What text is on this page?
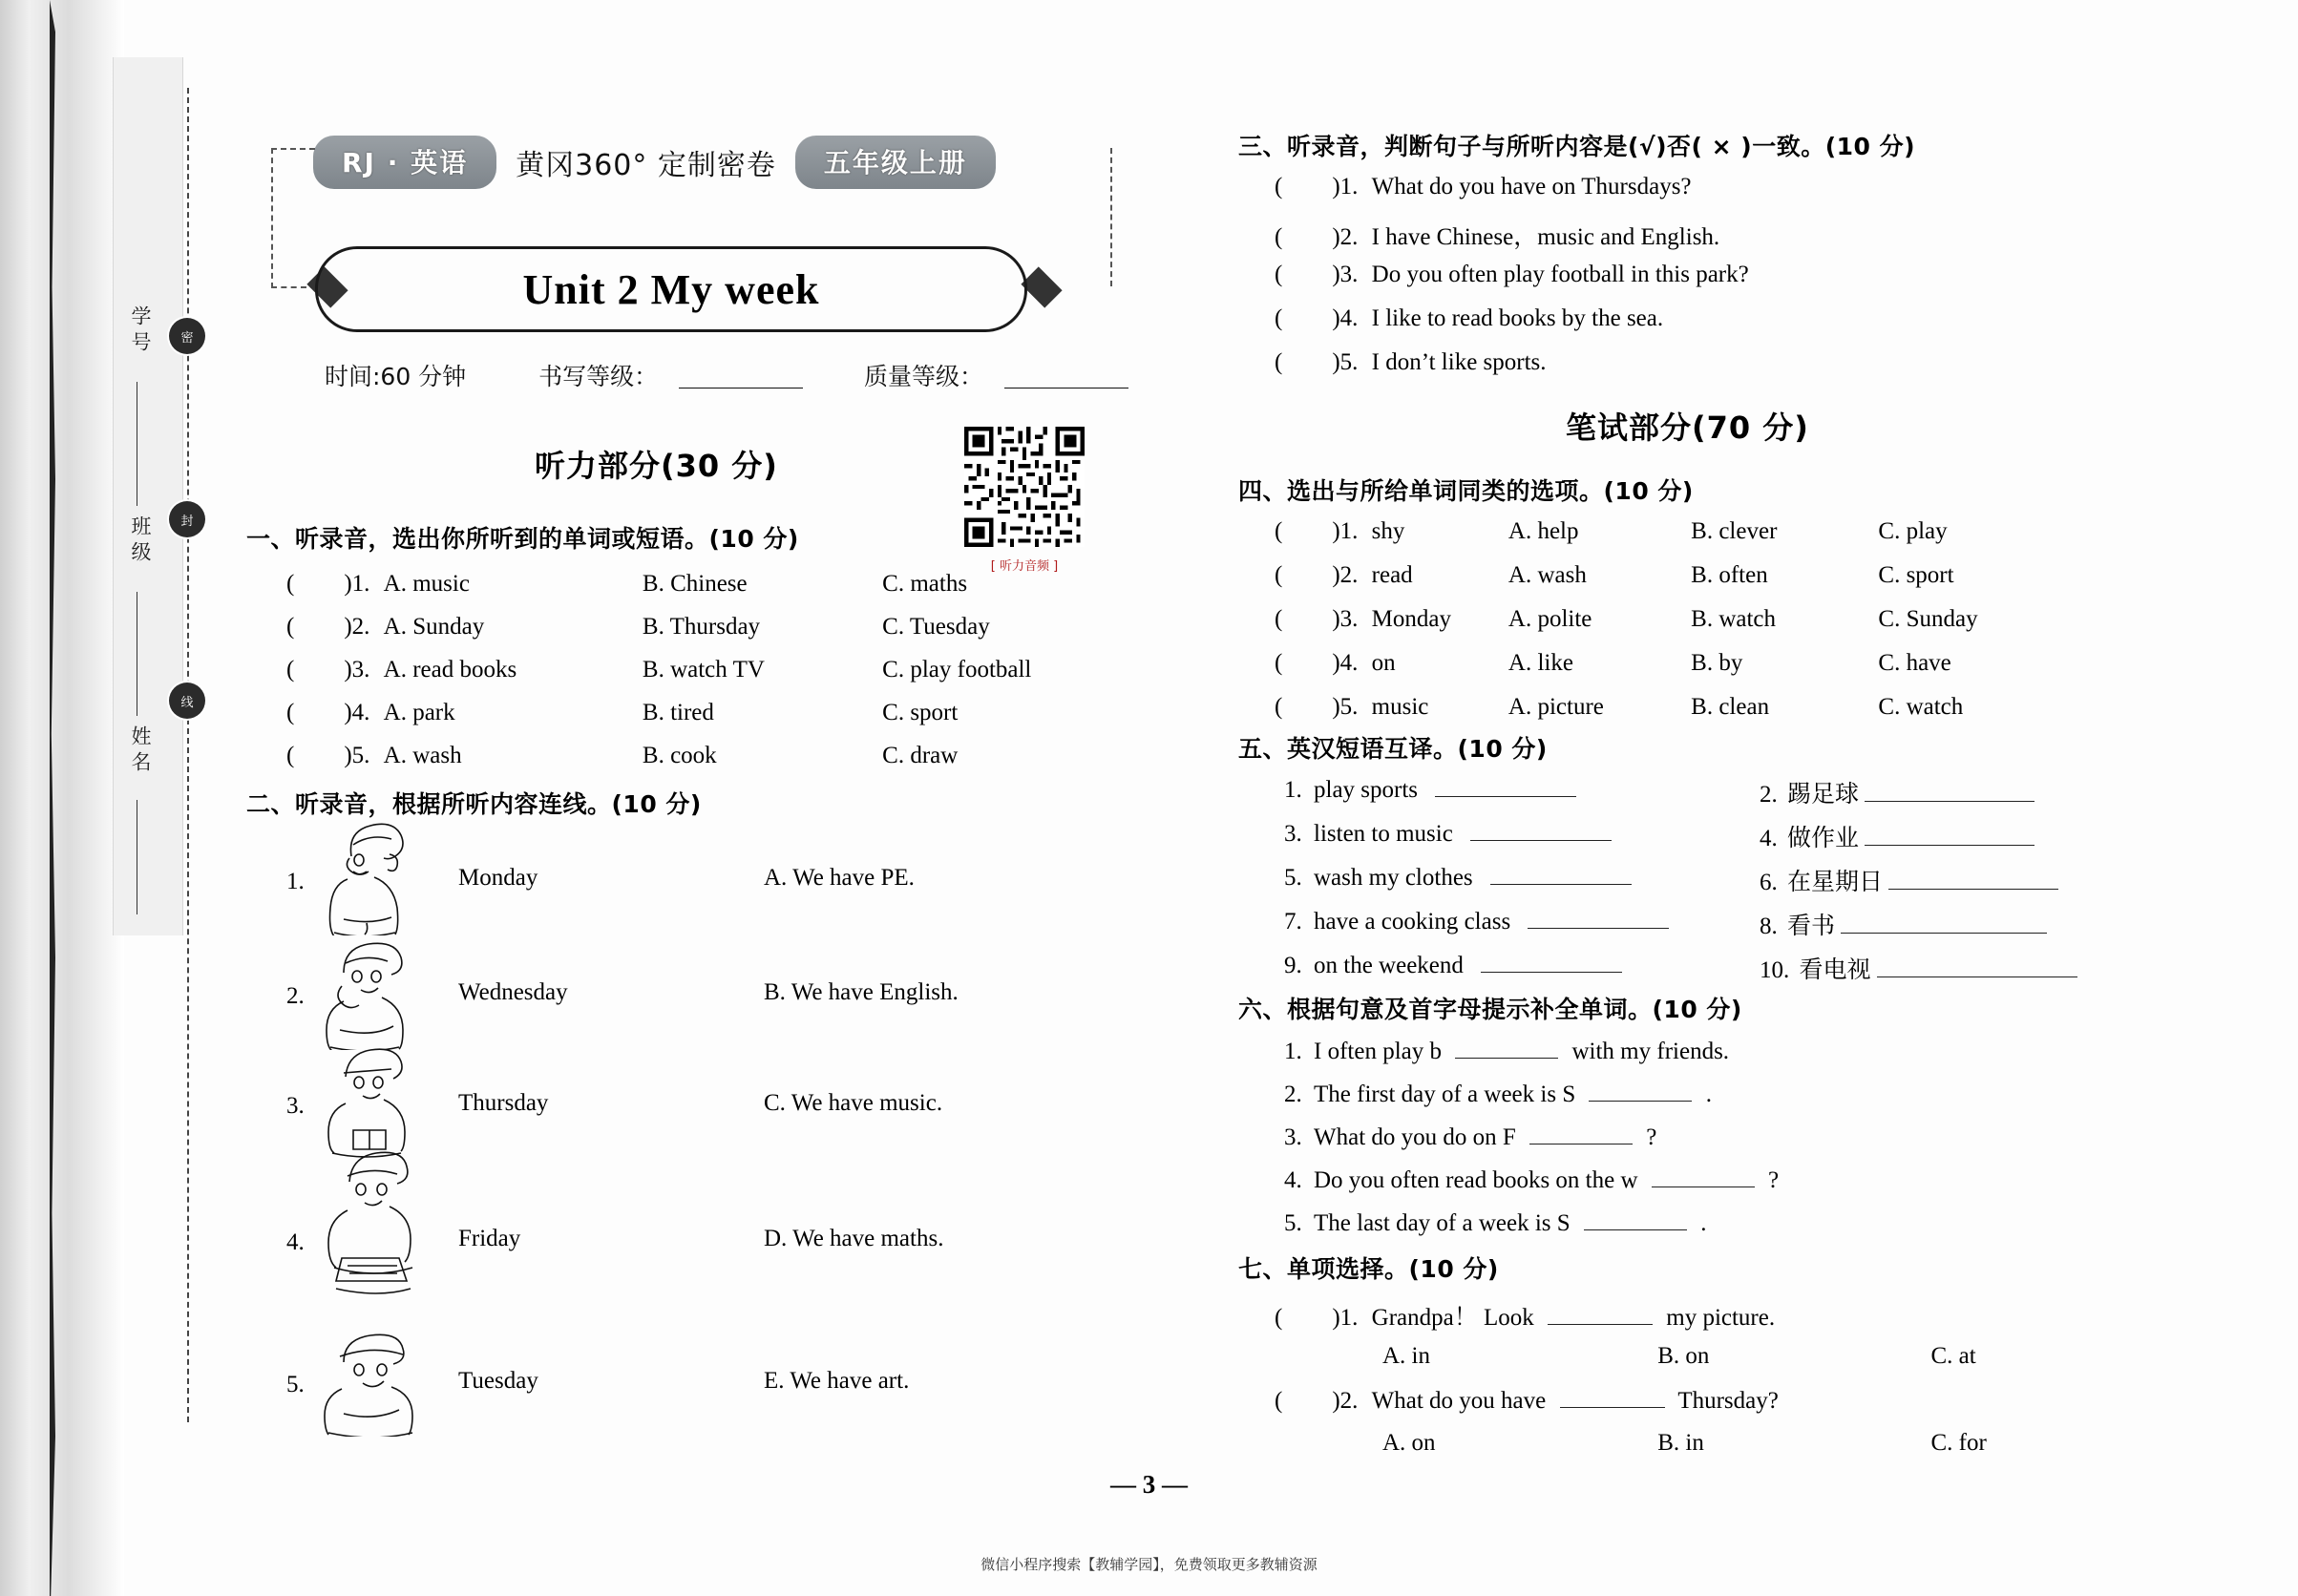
学号
班级
姓名
密
封
线
RJ · 英语 黄冈360° 定制密卷 五年级上册
Unit 2 My week
时间:60 分钟	书写等级：	质量等级：
听力部分(30 分)
[ 听力音频 ]
一、听录音，选出你所听到的单词或短语。(10 分)
( )1. A. music	B. Chinese	C. maths
( )2. A. Sunday	B. Thursday	C. Tuesday
( )3. A. read books	B. watch TV	C. play football
( )4. A. park	B. tired	C. sport
( )5. A. wash	B. cook	C. draw
二、听录音，根据所听内容连线。(10 分)
1.	Monday	A. We have PE.
2.	Wednesday	B. We have English.
3.	Thursday	C. We have music.
4.	Friday	D. We have maths.
5.	Tuesday	E. We have art.
三、听录音，判断句子与所听内容是(√)否( × )一致。(10 分)
( )1. What do you have on Thursdays?
( )2. I have Chinese，music and English.
( )3. Do you often play football in this park?
( )4. I like to read books by the sea.
( )5. I don’t like sports.
笔试部分(70 分)
四、选出与所给单词同类的选项。(10 分)
( )1. shy	A. help	B. clever	C. play
( )2. read	A. wash	B. often	C. sport
( )3. Monday A. polite	B. watch	C. Sunday
( )4. on	A. like	B. by	C. have
( )5. music	A. picture	B. clean	C. watch
五、英汉短语互译。(10 分)
1. play sports	2. 踢足球
3. listen to music	4. 做作业
5. wash my clothes	6. 在星期日
7. have a cooking class	8. 看书
9. on the weekend	10. 看电视
六、根据句意及首字母提示补全单词。(10 分)
1. I often play b	with my friends.
2. The first day of a week is S	.
3. What do you do on F	?
4. Do you often read books on the w	?
5. The last day of a week is S	.
七、单项选择。(10 分)
( )1. Grandpa！ Look	my picture.
A. in	B. on	C. at
( )2. What do you have	Thursday?
A. on	B. in	C. for
— 3 —
微信小程序搜索【教辅学园】，免费领取更多教辅资源
